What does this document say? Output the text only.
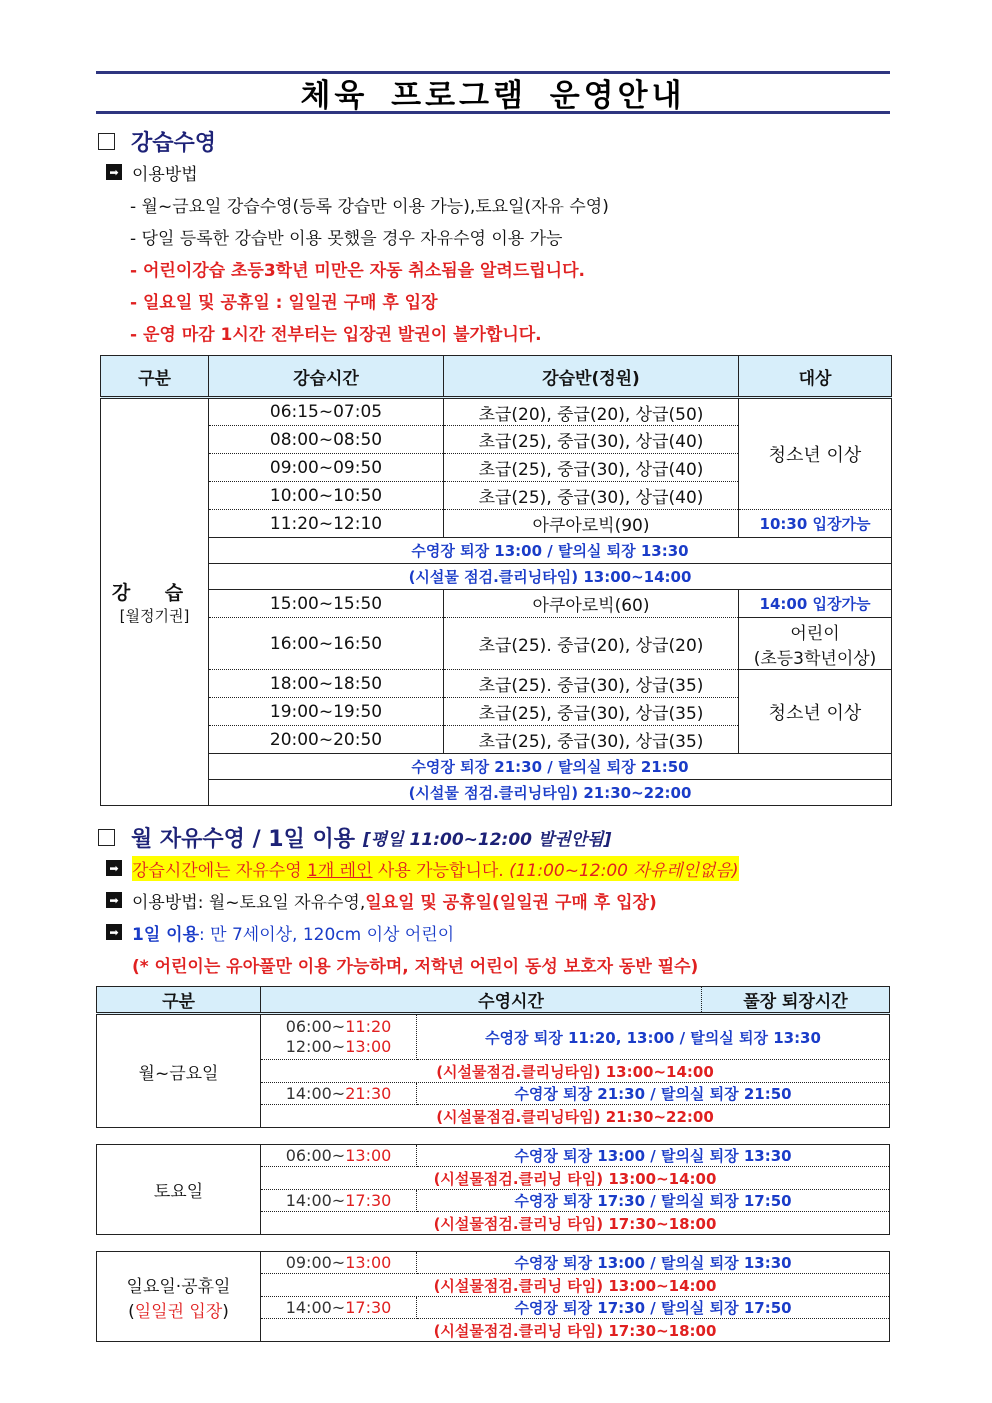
체육 프로그램 운영안내
강습수영
➡ 이용방법
- 월~금요일 강습수영(등록 강습만 이용 가능),토요일(자유 수영)
- 당일 등록한 강습반 이용 못했을 경우 자유수영 이용 가능
- 어린이강습 초등3학년 미만은 자동 취소됨을 알려드립니다.
- 일요일 및 공휴일 : 일일권 구매 후 입장
- 운영 마감 1시간 전부터는 입장권 발권이 불가합니다.
구분	강습시간	강습반(정원)	대상

강 습
[월정기권]	06:15~07:05	초급(20), 중급(20), 상급(50)	청소년 이상
	08:00~08:50	초급(25), 중급(30), 상급(40)	
	09:00~09:50	초급(25), 중급(30), 상급(40)	
	10:00~10:50	초급(25), 중급(30), 상급(40)	
	11:20~12:10	아쿠아로빅(90)	10:30 입장가능
	수영장 퇴장 13:00 / 탈의실 퇴장 13:30		
	(시설물 점검.클리닝타임) 13:00~14:00		
	15:00~15:50	아쿠아로빅(60)	14:00 입장가능
	16:00~16:50	초급(25). 중급(20), 상급(20)	어린이
(초등3학년이상)

	18:00~18:50	초급(25). 중급(30), 상급(35)	청소년 이상
	19:00~19:50	초급(25), 중급(30), 상급(35)	
	20:00~20:50	초급(25), 중급(30), 상급(35)	
	수영장 퇴장 21:30 / 탈의실 퇴장 21:50		
	(시설물 점검.클리닝타임) 21:30~22:00		
월 자유수영 / 1일 이용 [평일 11:00~12:00 발권안됨]
➡ 강습시간에는 자유수영 1개 레인 사용 가능합니다. (11:00~12:00 자유레인없음)
➡ 이용방법: 월~토요일 자유수영, 일요일 및 공휴일(일일권 구매 후 입장)
➡ 1일 이용 : 만 7세이상, 120cm 이상 어린이
(* 어린이는 유아풀만 이용 가능하며, 저학년 어린이 동성 보호자 동반 필수)
구분	수영시간 풀장 퇴장시간	

월~금요일	06:00~11:20
12:00~13:00	수영장 퇴장 11:20, 13:00 / 탈의실 퇴장 13:30
	(시설물점검.클리닝타임) 13:00~14:00	
	14:00~21:30	수영장 퇴장 21:30 / 탈의실 퇴장 21:50
	(시설물점검.클리닝타임) 21:30~22:00	
토요일	06:00~13:00	수영장 퇴장 13:00 / 탈의실 퇴장 13:30
	(시설물점검.클리닝 타임) 13:00~14:00	
	14:00~17:30	수영장 퇴장 17:30 / 탈의실 퇴장 17:50
	(시설물점검.클리닝 타임) 17:30~18:00	
일요일·공휴일
(일일권 입장)	09:00~13:00	수영장 퇴장 13:00 / 탈의실 퇴장 13:30
	(시설물점검.클리닝 타임) 13:00~14:00	
	14:00~17:30	수영장 퇴장 17:30 / 탈의실 퇴장 17:50
	(시설물점검.클리닝 타임) 17:30~18:00	
